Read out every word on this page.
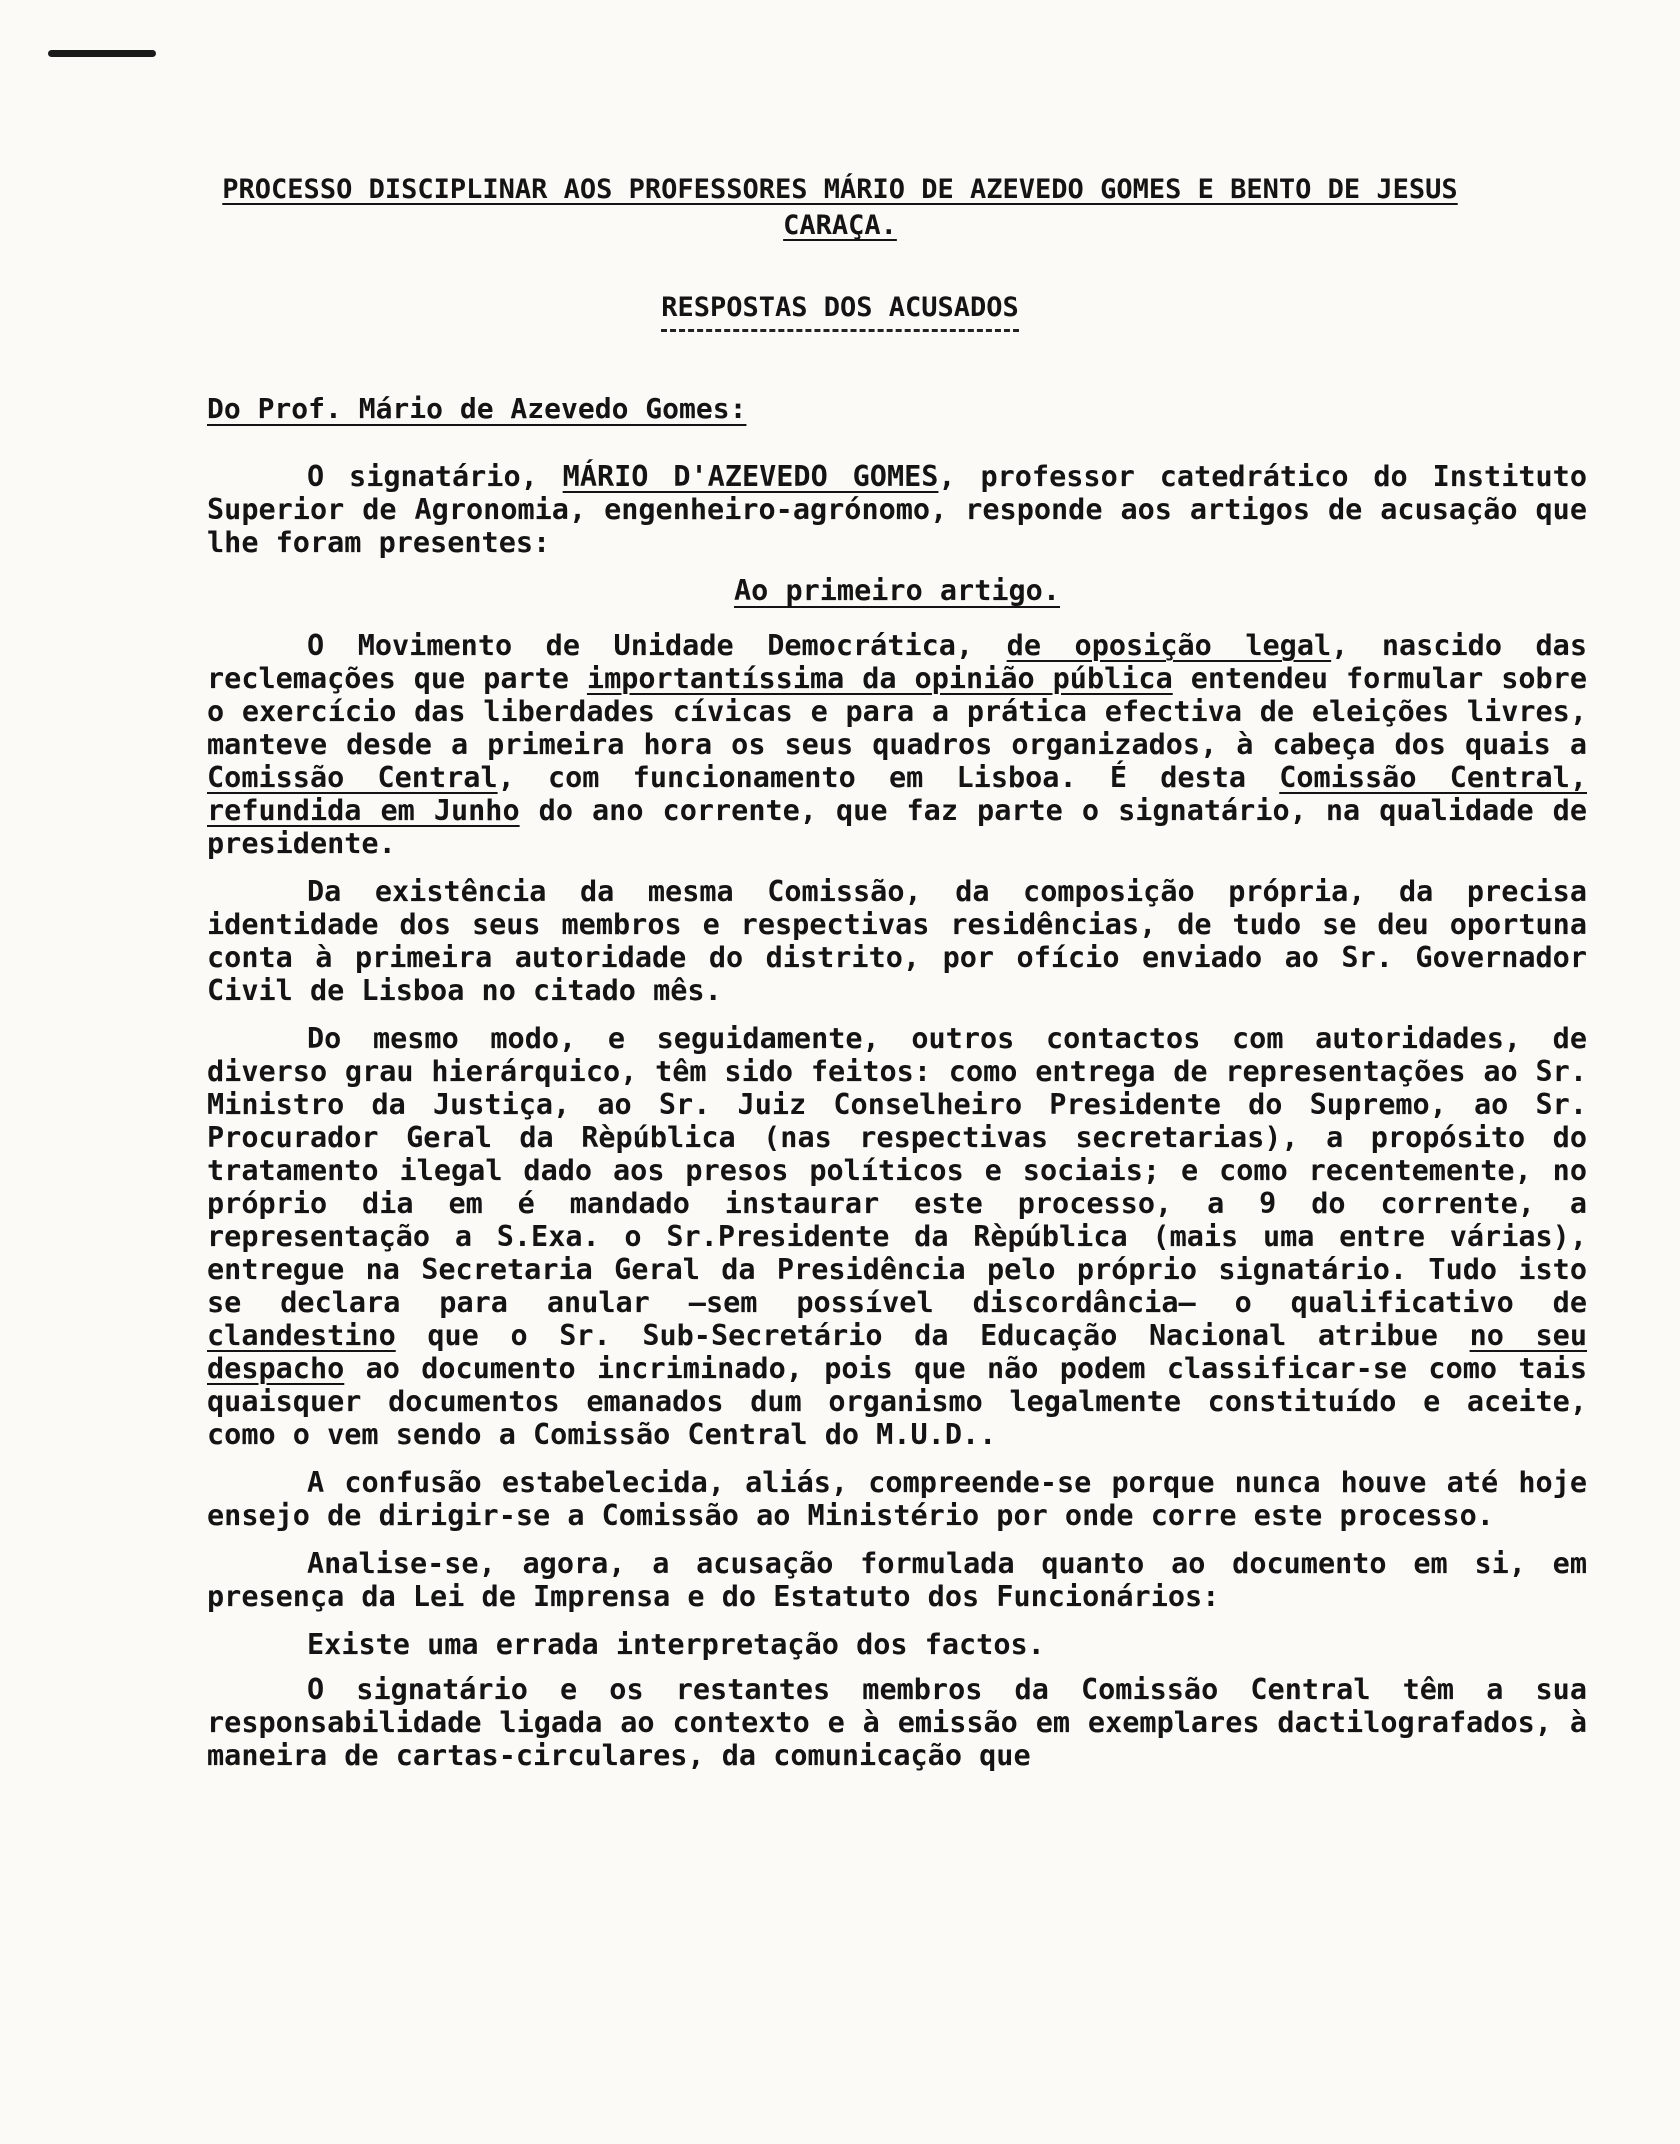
PROCESSO DISCIPLINAR AOS PROFESSORES MÁRIO DE AZEVEDO GOMES E BENTO DE JESUS CARAÇA.
RESPOSTAS DOS ACUSADOS
Do Prof. Mário de Azevedo Gomes:

O signatário, MÁRIO D'AZEVEDO GOMES, professor catedrático do Instituto Superior de Agronomia, engenheiro-agrónomo, responde aos artigos de acusação que lhe foram presentes:

Ao primeiro artigo.

O Movimento de Unidade Democrática, de oposição legal, nascido das reclemações que parte importantíssima da opinião pública entendeu formular sobre o exercício das liberdades cívicas e para a prática efectiva de eleições livres, manteve desde a primeira hora os seus quadros organizados, à cabeça dos quais a Comissão Central, com funcionamento em Lisboa. É desta Comissão Central, refundida em Junho do ano corrente, que faz parte o signatário, na qualidade de presidente.

Da existência da mesma Comissão, da composição própria, da precisa identidade dos seus membros e respectivas residências, de tudo se deu oportuna conta à primeira autoridade do distrito, por ofício enviado ao Sr. Governador Civil de Lisboa no citado mês.

Do mesmo modo, e seguidamente, outros contactos com autoridades, de diverso grau hierárquico, têm sido feitos: como entrega de representações ao Sr. Ministro da Justiça, ao Sr. Juiz Conselheiro Presidente do Supremo, ao Sr. Procurador Geral da Rèpública (nas respectivas secretarias), a propósito do tratamento ilegal dado aos presos políticos e sociais; e como recentemente, no próprio dia em é mandado instaurar este processo, a 9 do corrente, a representação a S.Exa. o Sr.Presidente da Rèpública (mais uma entre várias), entregue na Secretaria Geral da Presidência pelo próprio signatário. Tudo isto se declara para anular —sem possível discordância— o qualificativo de clandestino que o Sr. Sub-Secretário da Educação Nacional atribue no seu despacho ao documento incriminado, pois que não podem classificar-se como tais quaisquer documentos emanados dum organismo legalmente constituído e aceite, como o vem sendo a Comissão Central do M.U.D..

A confusão estabelecida, aliás, compreende-se porque nunca houve até hoje ensejo de dirigir-se a Comissão ao Ministério por onde corre este processo.

Analise-se, agora, a acusação formulada quanto ao documento em si, em presença da Lei de Imprensa e do Estatuto dos Funcionários:

Existe uma errada interpretação dos factos.

O signatário e os restantes membros da Comissão Central têm a sua responsabilidade ligada ao contexto e à emissão em exemplares dactilografados, à maneira de cartas-circulares, da comunicação que
